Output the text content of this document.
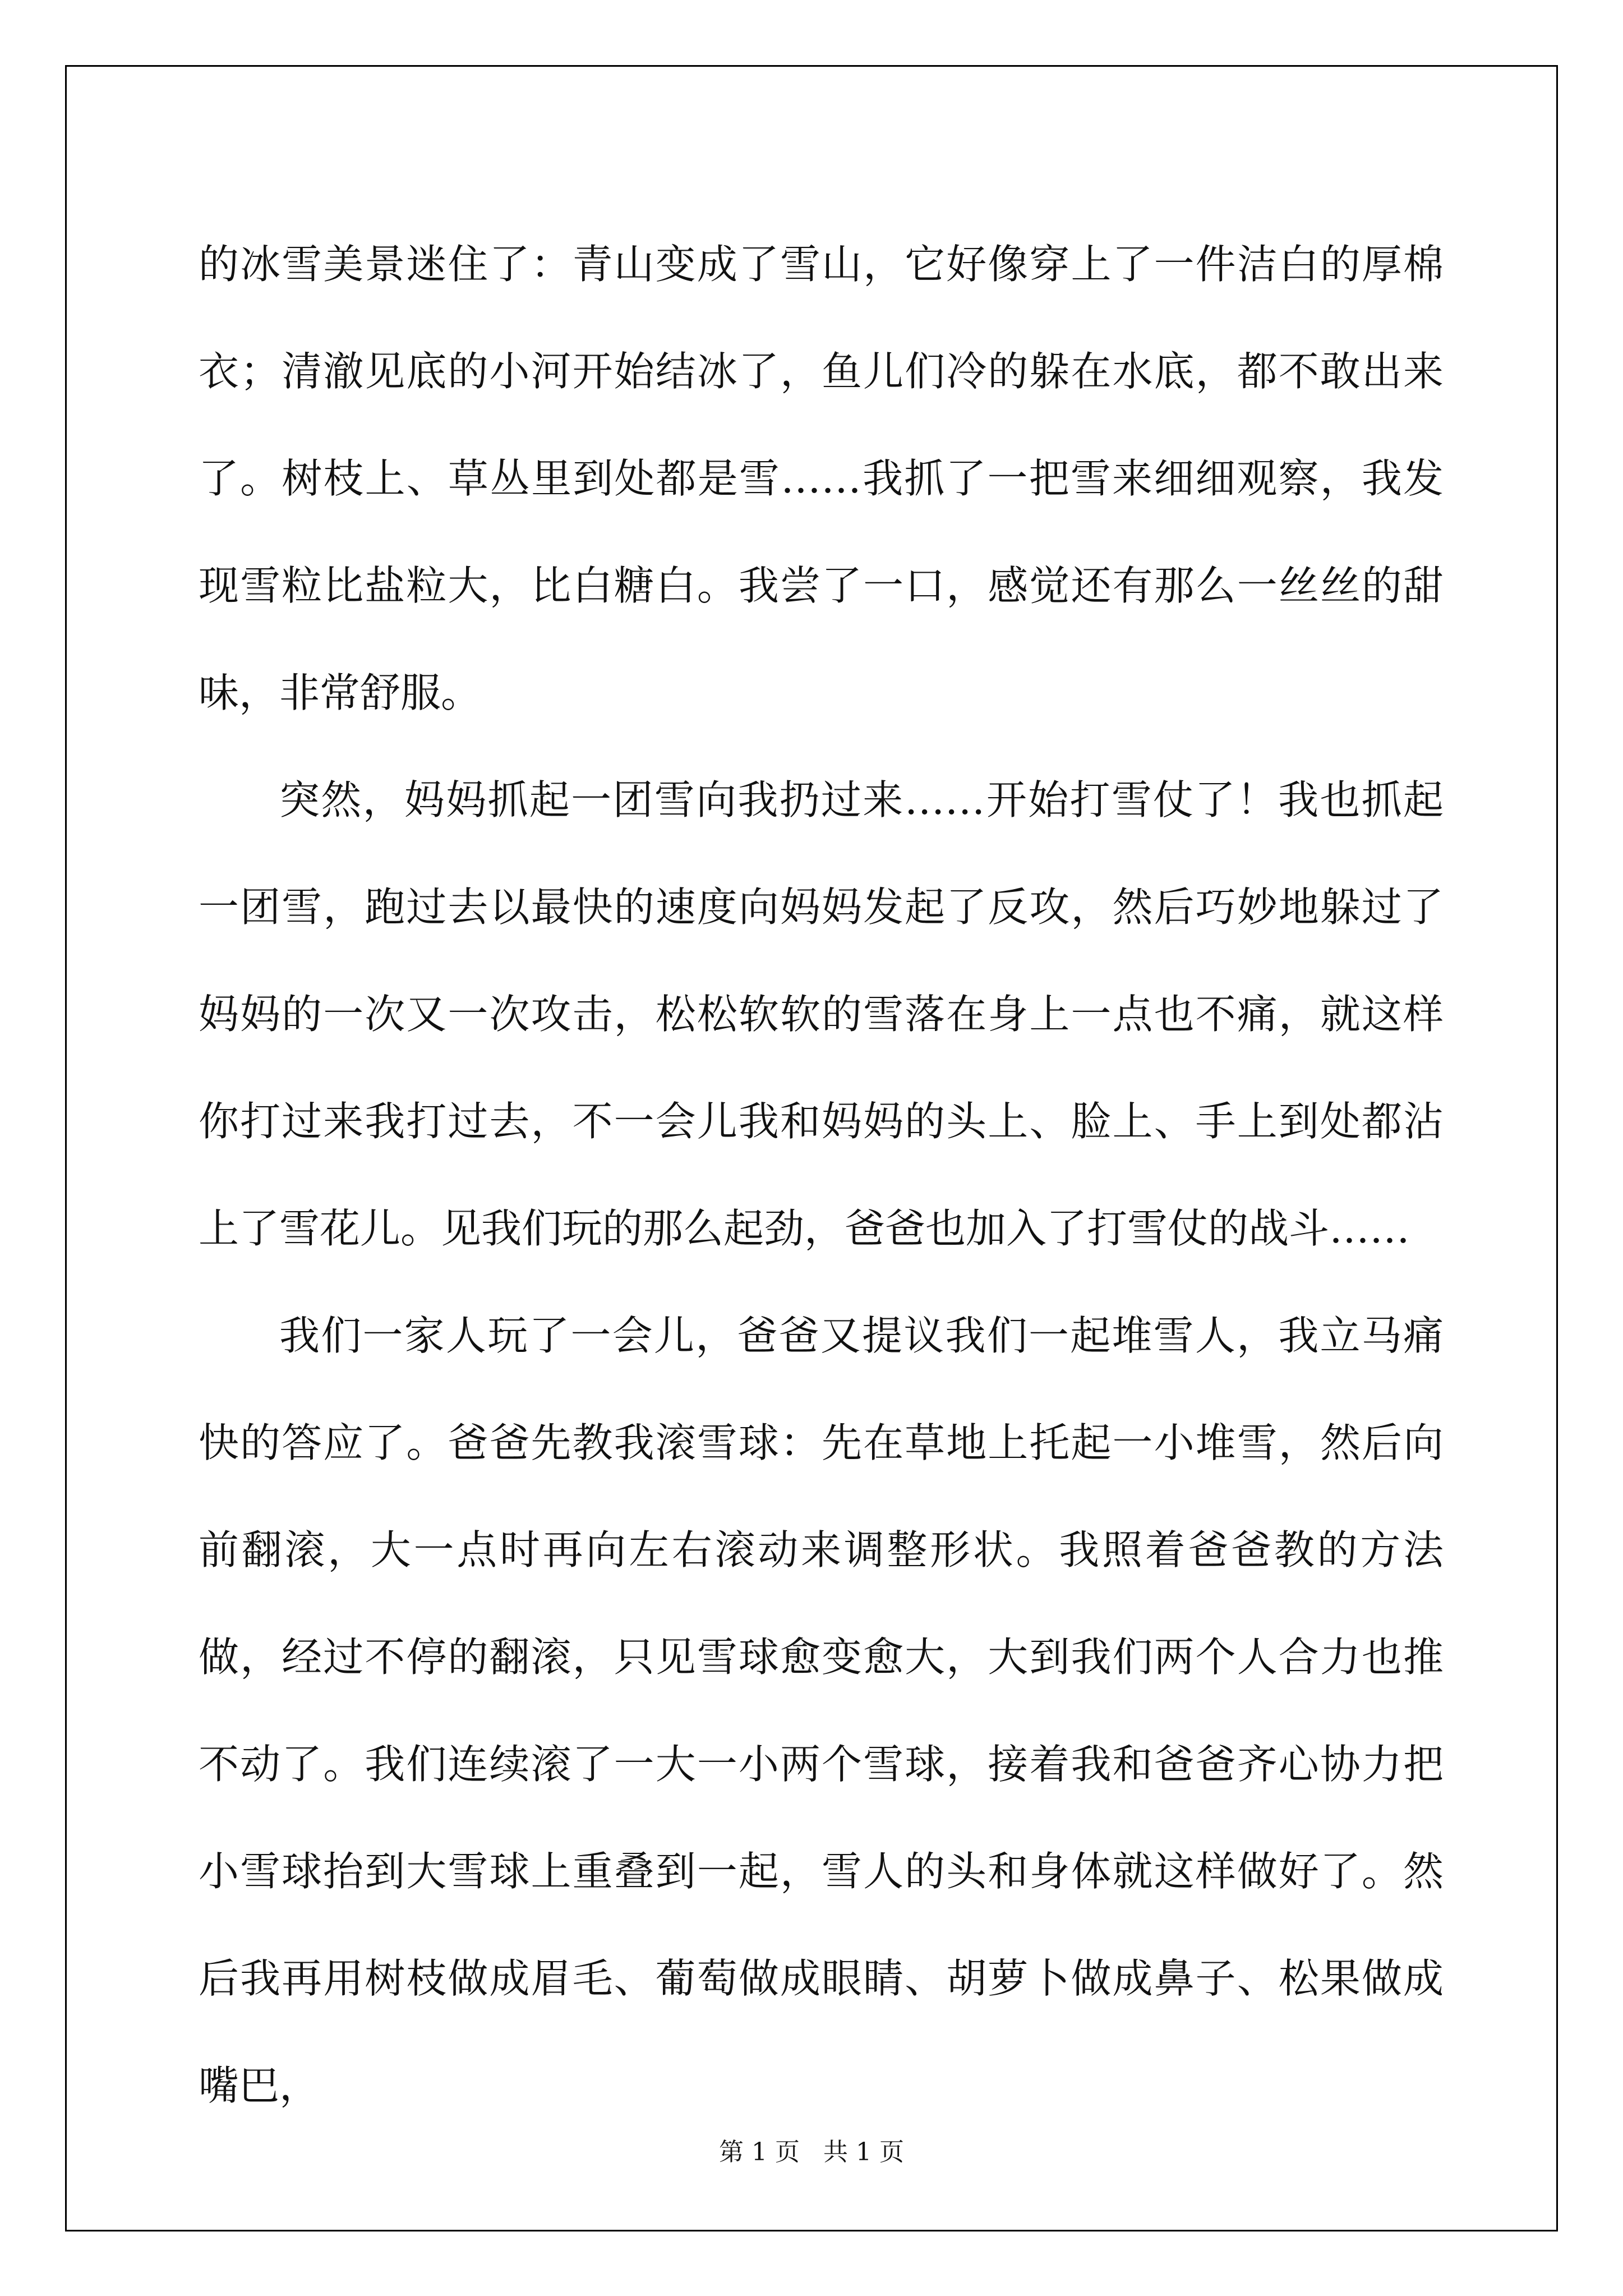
的冰雪美景迷住了：青山变成了雪山，它好像穿上了一件洁白的厚棉衣；清澈见底的小河开始结冰了，鱼儿们冷的躲在水底，都不敢出来了。树枝上、草丛里到处都是雪……我抓了一把雪来细细观察，我发现雪粒比盐粒大，比白糖白。我尝了一口，感觉还有那么一丝丝的甜味，非常舒服。

突然，妈妈抓起一团雪向我扔过来……开始打雪仗了！我也抓起一团雪，跑过去以最快的速度向妈妈发起了反攻，然后巧妙地躲过了妈妈的一次又一次攻击，松松软软的雪落在身上一点也不痛，就这样你打过来我打过去，不一会儿我和妈妈的头上、脸上、手上到处都沾上了雪花儿。见我们玩的那么起劲，爸爸也加入了打雪仗的战斗……

我们一家人玩了一会儿，爸爸又提议我们一起堆雪人，我立马痛快的答应了。爸爸先教我滚雪球：先在草地上托起一小堆雪，然后向前翻滚，大一点时再向左右滚动来调整形状。我照着爸爸教的方法做，经过不停的翻滚，只见雪球愈变愈大，大到我们两个人合力也推不动了。我们连续滚了一大一小两个雪球，接着我和爸爸齐心协力把小雪球抬到大雪球上重叠到一起，雪人的头和身体就这样做好了。然后我再用树枝做成眉毛、葡萄做成眼睛、胡萝卜做成鼻子、松果做成嘴巴，

第 1 页   共 1 页
